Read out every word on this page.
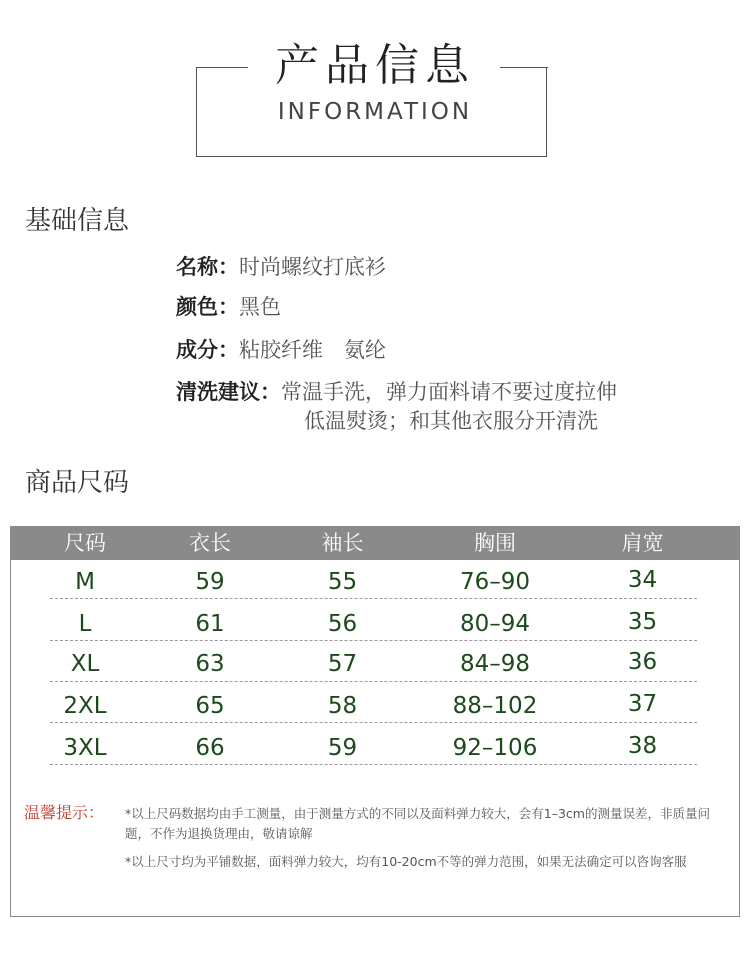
产品信息
INFORMATION
基础信息
名称：时尚螺纹打底衫
颜色：黑色
成分：粘胶纤维　氨纶
清洗建议：常温手洗，弹力面料请不要过度拉伸
低温熨烫；和其他衣服分开清洗
商品尺码
尺码	衣长	袖长	胸围	肩宽
M	59	55	76–90	34
L	61	56	80–94	35
XL	63	57	84–98	36
2XL	65	58	88–102	37
3XL	66	59	92–106	38
温馨提示： *以上尺码数据均由手工测量，由于测量方式的不同以及面料弹力较大，会有1–3cm的测量误差，非质量问题，不作为退换货理由，敬请谅解
*以上尺寸均为平铺数据，面料弹力较大，均有10-20cm不等的弹力范围，如果无法确定可以咨询客服
